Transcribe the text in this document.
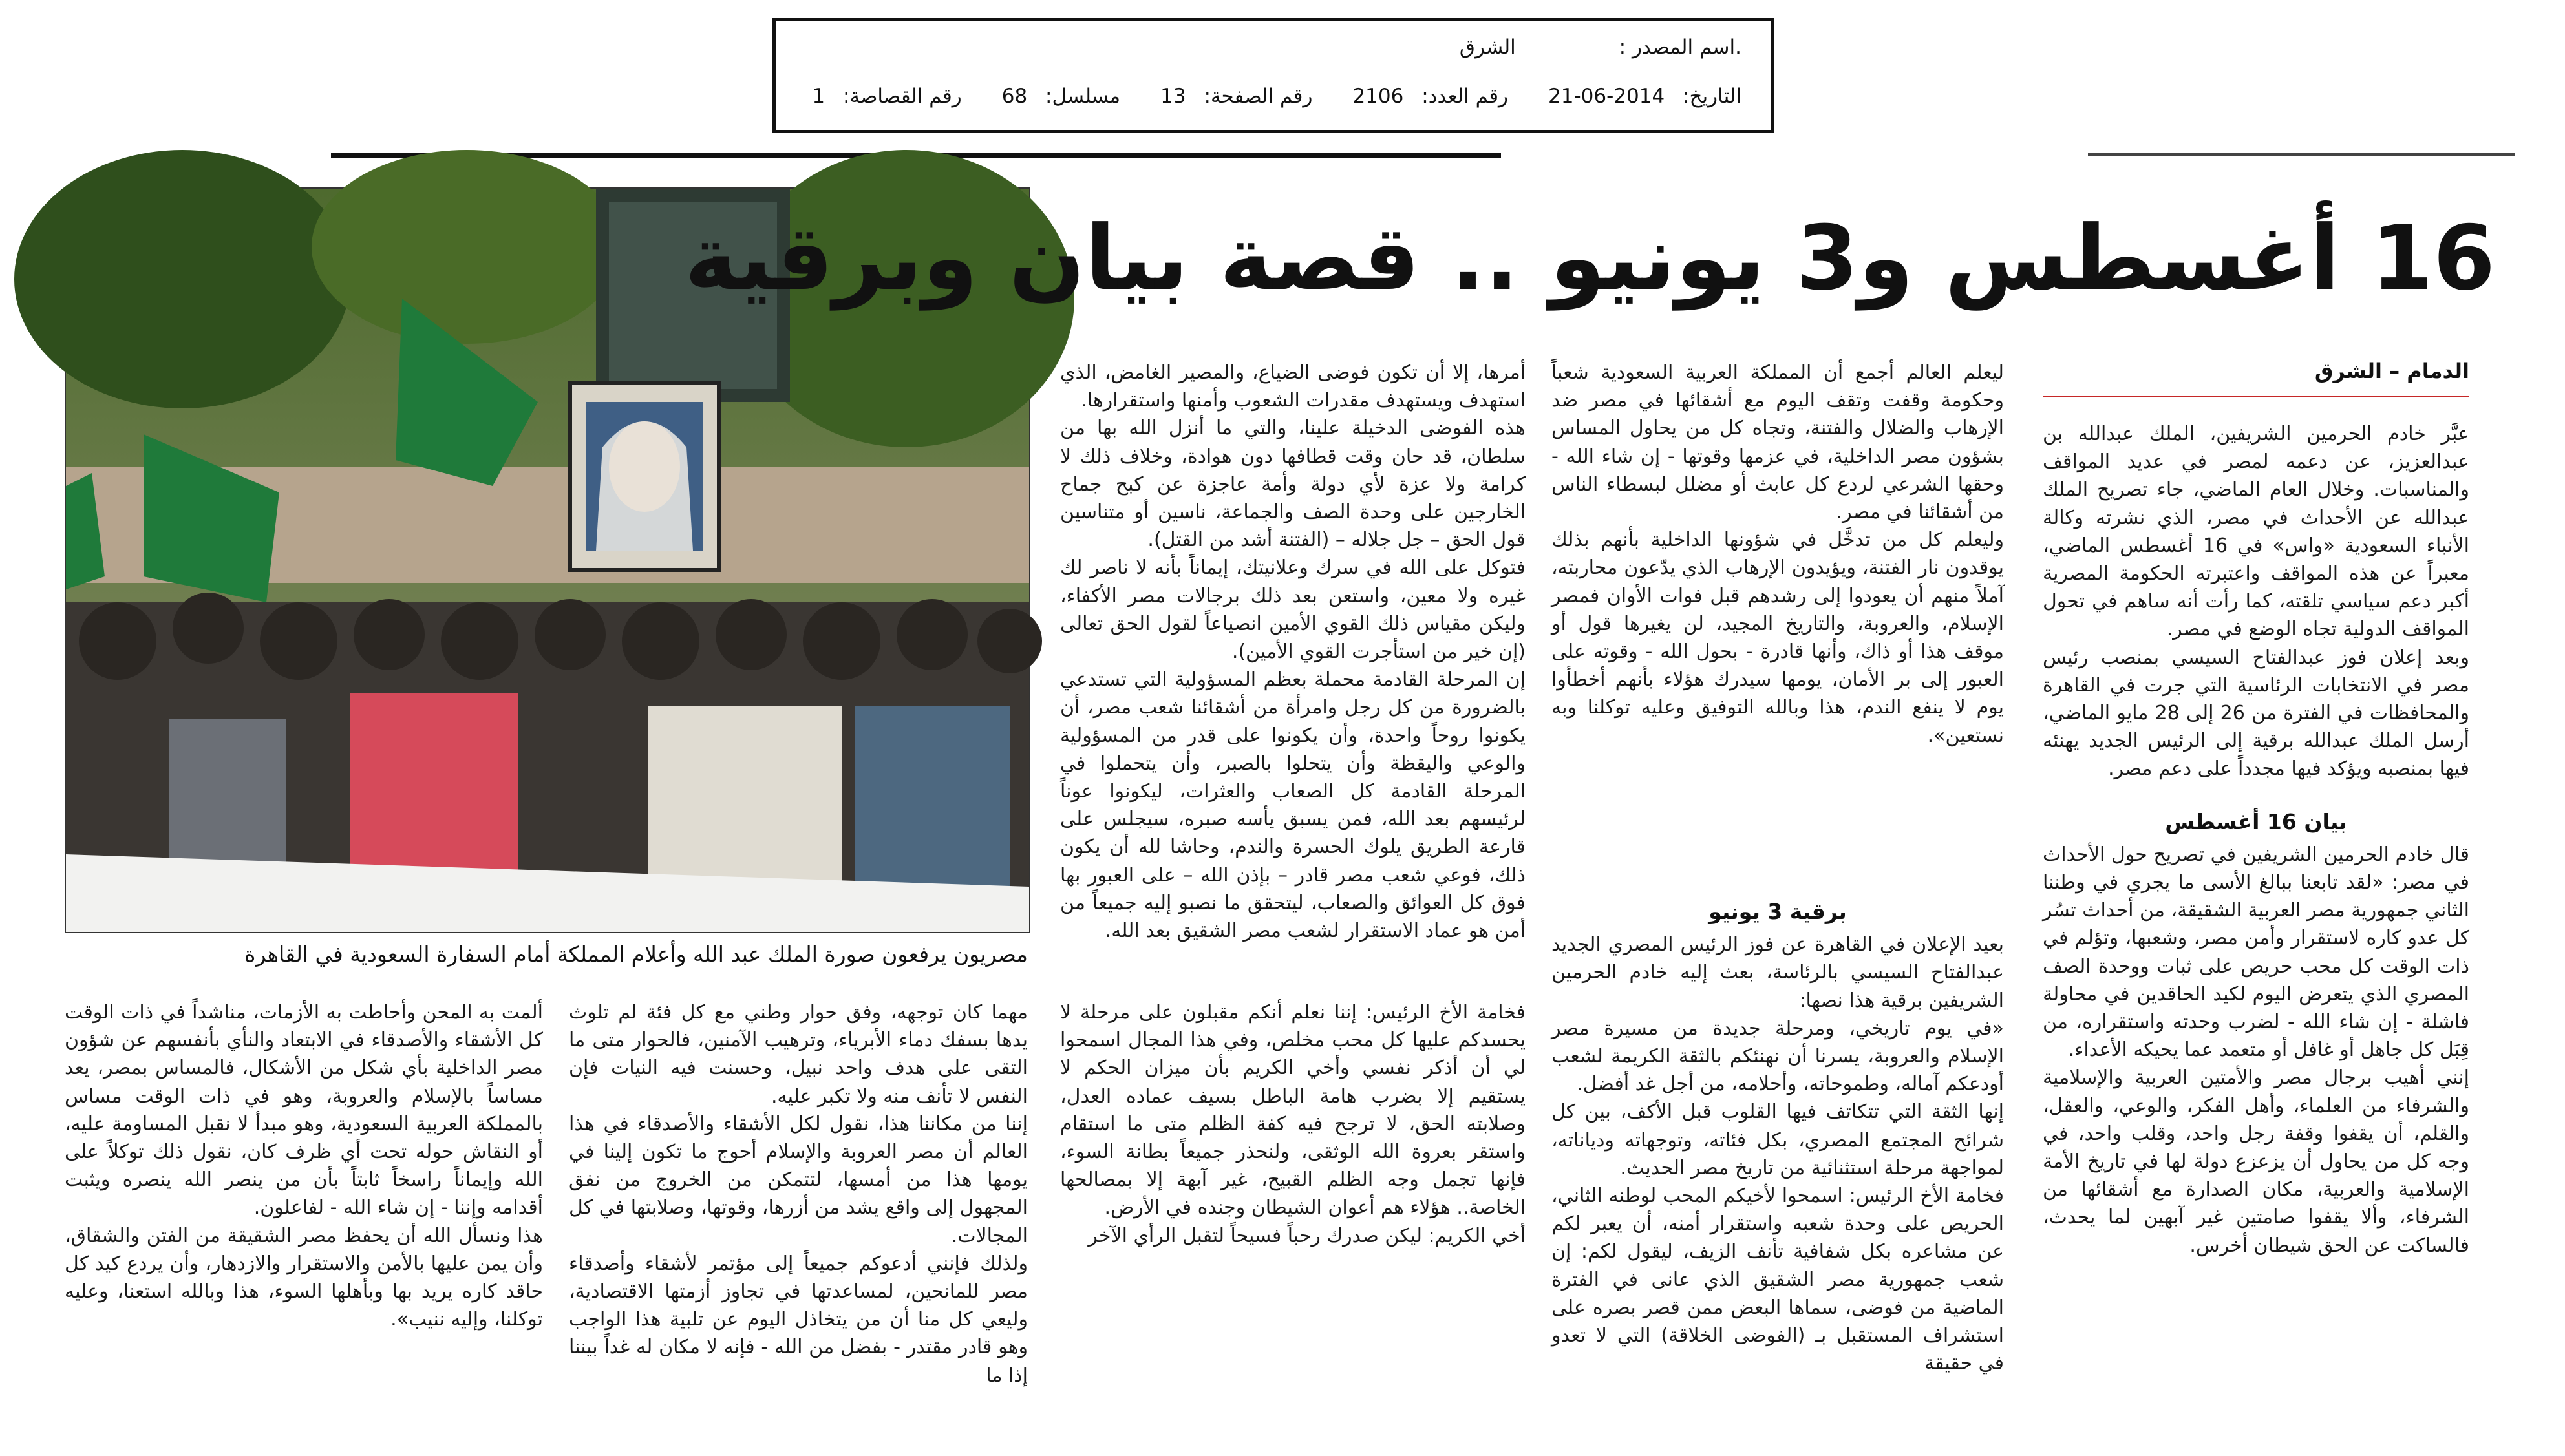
.اسم المصدر : الشرق
التاريخ: 2014-06-21
رقم العدد: 2106
رقم الصفحة: 13
مسلسل: 68
رقم القصاصة: 1
مصريون يرفعون صورة الملك عبد الله وأعلام المملكة أمام السفارة السعودية في القاهرة
16 أغسطس و3 يونيو .. قصة بيان وبرقية
الدمام – الشرق

عبَّر خادم الحرمين الشريفين، الملك عبدالله بن عبدالعزيز، عن دعمه لمصر في عديد المواقف والمناسبات. وخلال العام الماضي، جاء تصريح الملك عبدالله عن الأحداث في مصر، الذي نشرته وكالة الأنباء السعودية «واس» في 16 أغسطس الماضي، معبراً عن هذه المواقف واعتبرته الحكومة المصرية أكبر دعم سياسي تلقته، كما رأت أنه ساهم في تحول المواقف الدولية تجاه الوضع في مصر.

وبعد إعلان فوز عبدالفتاح السيسي بمنصب رئيس مصر في الانتخابات الرئاسية التي جرت في القاهرة والمحافظات في الفترة من 26 إلى 28 مايو الماضي، أرسل الملك عبدالله برقية إلى الرئيس الجديد يهنئه فيها بمنصبه ويؤكد فيها مجدداً على دعم مصر.

بيان 16 أغسطس

قال خادم الحرمين الشريفين في تصريح حول الأحداث في مصر: «لقد تابعنا ببالغ الأسى ما يجري في وطننا الثاني جمهورية مصر العربية الشقيقة، من أحداث تسُر كل عدو كاره لاستقرار وأمن مصر، وشعبها، وتؤلم في ذات الوقت كل محب حريص على ثبات ووحدة الصف المصري الذي يتعرض اليوم لكيد الحاقدين في محاولة فاشلة - إن شاء الله - لضرب وحدته واستقراره، من قِبَل كل جاهل أو غافل أو متعمد عما يحيكه الأعداء.

إنني أهيب برجال مصر والأمتين العربية والإسلامية والشرفاء من العلماء، وأهل الفكر، والوعي، والعقل، والقلم، أن يقفوا وقفة رجل واحد، وقلب واحد، في وجه كل من يحاول أن يزعزع دولة لها في تاريخ الأمة الإسلامية والعربية، مكان الصدارة مع أشقائها من الشرفاء، وألا يقفوا صامتين غير آبهين لما يحدث، فالساكت عن الحق شيطان أخرس.

ليعلم العالم أجمع أن المملكة العربية السعودية شعباً وحكومة وقفت وتقف اليوم مع أشقائها في مصر ضد الإرهاب والضلال والفتنة، وتجاه كل من يحاول المساس بشؤون مصر الداخلية، في عزمها وقوتها - إن شاء الله - وحقها الشرعي لردع كل عابث أو مضلل لبسطاء الناس من أشقائنا في مصر.

وليعلم كل من تدخَّل في شؤونها الداخلية بأنهم بذلك يوقدون نار الفتنة، ويؤيدون الإرهاب الذي يدّعون محاربته، آملاً منهم أن يعودوا إلى رشدهم قبل فوات الأوان فمصر الإسلام، والعروبة، والتاريخ المجيد، لن يغيرها قول أو موقف هذا أو ذاك، وأنها قادرة - بحول الله - وقوته على العبور إلى بر الأمان، يومها سيدرك هؤلاء بأنهم أخطأوا يوم لا ينفع الندم، هذا وبالله التوفيق وعليه توكلنا وبه نستعين».

أمرها، إلا أن تكون فوضى الضياع، والمصير الغامض، الذي استهدف ويستهدف مقدرات الشعوب وأمنها واستقرارها.

هذه الفوضى الدخيلة علينا، والتي ما أنزل الله بها من سلطان، قد حان وقت قطافها دون هوادة، وخلاف ذلك لا كرامة ولا عزة لأي دولة وأمة عاجزة عن كبح جماح الخارجين على وحدة الصف والجماعة، ناسين أو متناسين قول الحق – جل جلاله – (الفتنة أشد من القتل).

فتوكل على الله في سرك وعلانيتك، إيماناً بأنه لا ناصر لك غيره ولا معين، واستعن بعد ذلك برجالات مصر الأكفاء، وليكن مقياس ذلك القوي الأمين انصياعاً لقول الحق تعالى (إن خير من استأجرت القوي الأمين).

إن المرحلة القادمة محملة بعظم المسؤولية التي تستدعي بالضرورة من كل رجل وامرأة من أشقائنا شعب مصر، أن يكونوا روحاً واحدة، وأن يكونوا على قدر من المسؤولية والوعي واليقظة وأن يتحلوا بالصبر، وأن يتحملوا في المرحلة القادمة كل الصعاب والعثرات، ليكونوا عوناً لرئيسهم بعد الله، فمن يسبق يأسه صبره، سيجلس على قارعة الطريق يلوك الحسرة والندم، وحاشا لله أن يكون ذلك، فوعي شعب مصر قادر – بإذن الله – على العبور بها فوق كل العوائق والصعاب، ليتحقق ما نصبو إليه جميعاً من أمن هو عماد الاستقرار لشعب مصر الشقيق بعد الله.

برقية 3 يونيو

بعيد الإعلان في القاهرة عن فوز الرئيس المصري الجديد عبدالفتاح السيسي بالرئاسة، بعث إليه خادم الحرمين الشريفين برقية هذا نصها:

«في يوم تاريخي، ومرحلة جديدة من مسيرة مصر الإسلام والعروبة، يسرنا أن نهنئكم بالثقة الكريمة لشعب أودعكم آماله، وطموحاته، وأحلامه، من أجل غد أفضل.

إنها الثقة التي تتكاتف فيها القلوب قبل الأكف، بين كل شرائح المجتمع المصري، بكل فئاته، وتوجهاته ودياناته، لمواجهة مرحلة استثنائية من تاريخ مصر الحديث.

فخامة الأخ الرئيس: اسمحوا لأخيكم المحب لوطنه الثاني، الحريص على وحدة شعبه واستقرار أمنه، أن يعبر لكم عن مشاعره بكل شفافية تأنف الزيف، ليقول لكم: إن شعب جمهورية مصر الشقيق الذي عانى في الفترة الماضية من فوضى، سماها البعض ممن قصر بصره على استشراف المستقبل بـ (الفوضى الخلاقة) التي لا تعدو في حقيقة

فخامة الأخ الرئيس: إننا نعلم أنكم مقبلون على مرحلة لا يحسدكم عليها كل محب مخلص، وفي هذا المجال اسمحوا لي أن أذكر نفسي وأخي الكريم بأن ميزان الحكم لا يستقيم إلا بضرب هامة الباطل بسيف عماده العدل، وصلابته الحق، لا ترجح فيه كفة الظلم متى ما استقام واستقر بعروة الله الوثقى، ولنحذر جميعاً بطانة السوء، فإنها تجمل وجه الظلم القبيح، غير آبهة إلا بمصالحها الخاصة.. هؤلاء هم أعوان الشيطان وجنده في الأرض.

أخي الكريم: ليكن صدرك رحباً فسيحاً لتقبل الرأي الآخر

مهما كان توجهه، وفق حوار وطني مع كل فئة لم تلوث يدها بسفك دماء الأبرياء، وترهيب الآمنين، فالحوار متى ما التقى على هدف واحد نبيل، وحسنت فيه النيات فإن النفس لا تأنف منه ولا تكبر عليه.

إننا من مكاننا هذا، نقول لكل الأشقاء والأصدقاء في هذا العالم أن مصر العروبة والإسلام أحوج ما تكون إلينا في يومها هذا من أمسها، لتتمكن من الخروج من نفق المجهول إلى واقع يشد من أزرها، وقوتها، وصلابتها في كل المجالات.

ولذلك فإنني أدعوكم جميعاً إلى مؤتمر لأشقاء وأصدقاء مصر للمانحين، لمساعدتها في تجاوز أزمتها الاقتصادية، وليعي كل منا أن من يتخاذل اليوم عن تلبية هذا الواجب وهو قادر مقتدر - بفضل من الله - فإنه لا مكان له غداً بيننا إذا ما

ألمت به المحن وأحاطت به الأزمات، مناشداً في ذات الوقت كل الأشقاء والأصدقاء في الابتعاد والنأي بأنفسهم عن شؤون مصر الداخلية بأي شكل من الأشكال، فالمساس بمصر، يعد مساساً بالإسلام والعروبة، وهو في ذات الوقت مساس بالمملكة العربية السعودية، وهو مبدأ لا نقبل المساومة عليه، أو النقاش حوله تحت أي ظرف كان، نقول ذلك توكلاً على الله وإيماناً راسخاً ثابتاً بأن من ينصر الله ينصره ويثبت أقدامه وإننا - إن شاء الله - لفاعلون.

هذا ونسأل الله أن يحفظ مصر الشقيقة من الفتن والشقاق، وأن يمن عليها بالأمن والاستقرار والازدهار، وأن يردع كيد كل حاقد كاره يريد بها وبأهلها السوء، هذا وبالله استعنا، وعليه توكلنا، وإليه ننيب».
